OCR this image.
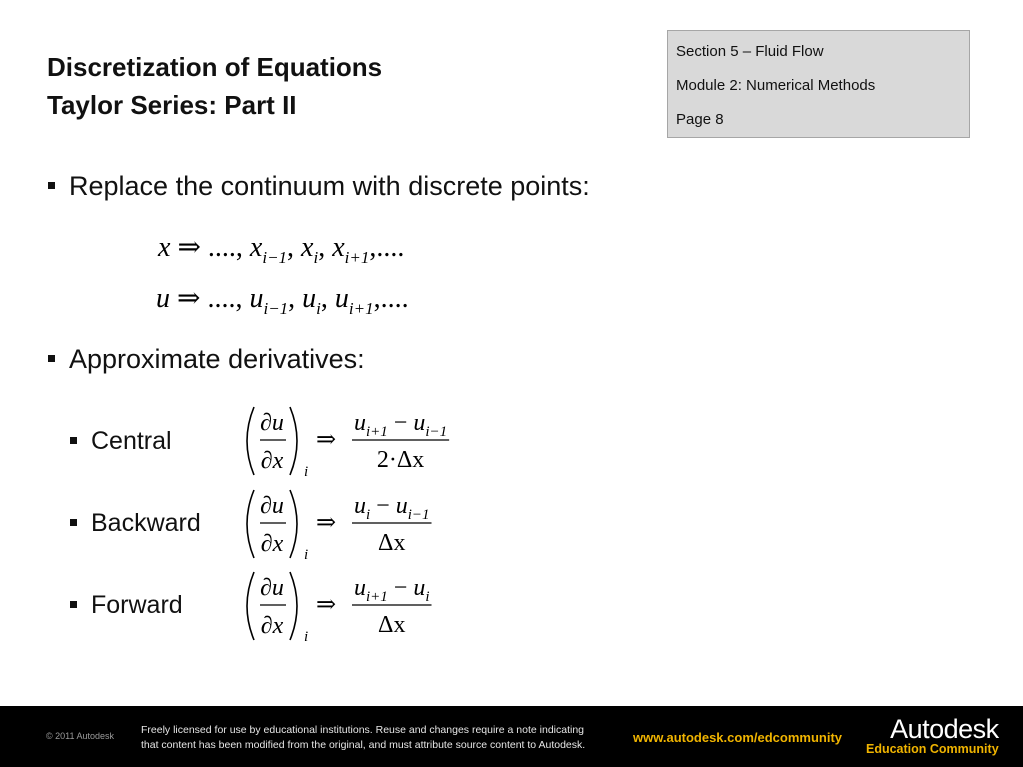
Discretization of Equations
Taylor Series: Part II
Section 5 – Fluid Flow
Module 2: Numerical Methods
Page 8
Replace the continuum with discrete points:
x ⇒ ...., $x_{i-1}$, $x_i$, $x_{i+1}$,....
u ⇒ ...., $u_{i-1}$, $u_i$, $u_{i+1}$,....
Approximate derivatives:
Central
∂u
∂x i
⇒
$u_{i+1} - u_{i-1}$
2·Δx
Backward
∂u
∂x i
⇒
$u_i - u_{i-1}$
Δx
Forward
∂u
∂x i
⇒
$u_{i+1} - u_i$
Δx
© 2011 Autodesk	Freely licensed for use by educational institutions. Reuse and changes require a note indicating
that content has been modified from the original, and must attribute source content to Autodesk.	www.autodesk.com/edcommunity	Autodesk
Education Community
